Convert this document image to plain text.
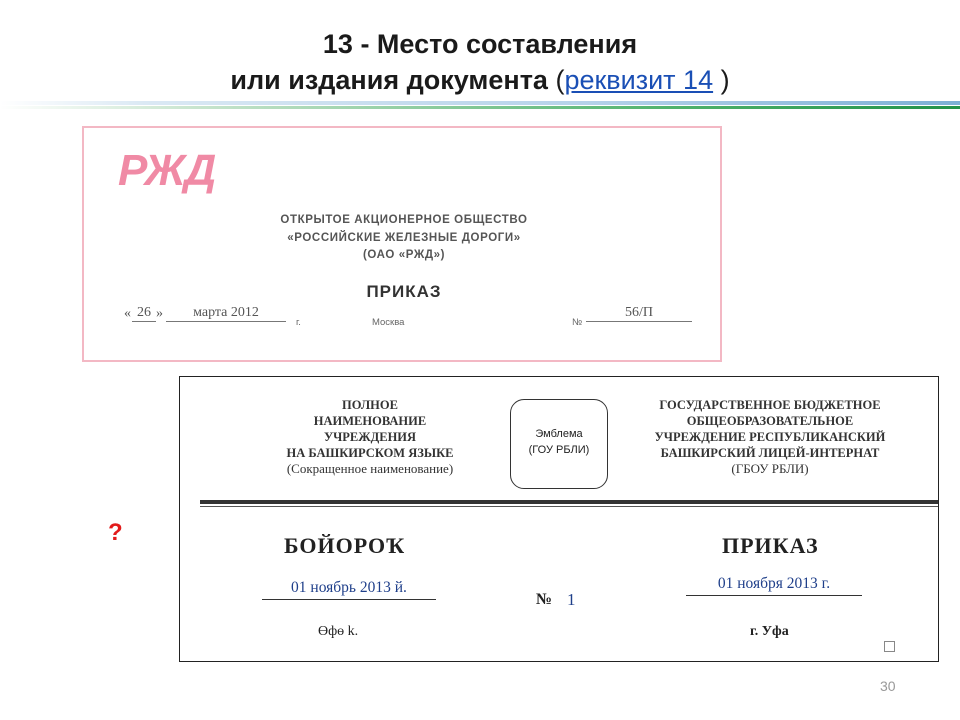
13 - Место составления
или издания документа (реквизит 14 )
РЖД
ОТКРЫТОЕ АКЦИОНЕРНОЕ ОБЩЕСТВО
«РОССИЙСКИЕ ЖЕЛЕЗНЫЕ ДОРОГИ»
(ОАО «РЖД»)
ПРИКАЗ
« 26 »	марта 2012
г.	Москва	№
56/П
ПОЛНОЕ
НАИМЕНОВАНИЕ
УЧРЕЖДЕНИЯ
НА БАШКИРСКОМ ЯЗЫКЕ
(Сокращенное наименование)
Эмблема
(ГОУ РБЛИ)
ГОСУДАРСТВЕННОЕ БЮДЖЕТНОЕ
ОБЩЕОБРАЗОВАТЕЛЬНОЕ
УЧРЕЖДЕНИЕ РЕСПУБЛИКАНСКИЙ
БАШКИРСКИЙ ЛИЦЕЙ-ИНТЕРНАТ
(ГБОУ РБЛИ)
БОЙОРОҠ	ПРИКАЗ
01 ноябрь 2013 й.	01 ноября 2013 г.
№ 1
Өфө k.	г. Уфа
?
30
